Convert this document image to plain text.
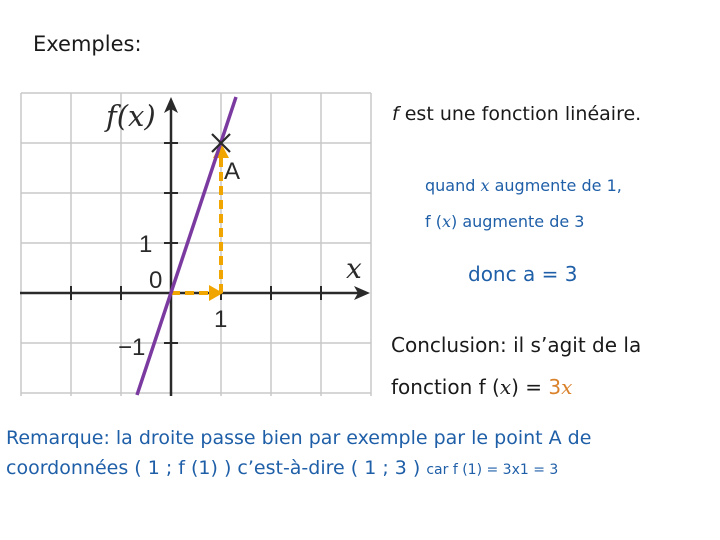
Exemples:
f(x)
x
0
1
1
−1
A
f est une fonction linéaire.
quand x augmente de 1,
f (x) augmente de 3
donc a = 3
Conclusion: il s’agit de la
fonction f (x) = 3x
Remarque: la droite passe bien par exemple par le point A de
coordonnées ( 1 ; f (1) ) c’est-à-dire ( 1 ; 3 ) car f (1) = 3x1 = 3
